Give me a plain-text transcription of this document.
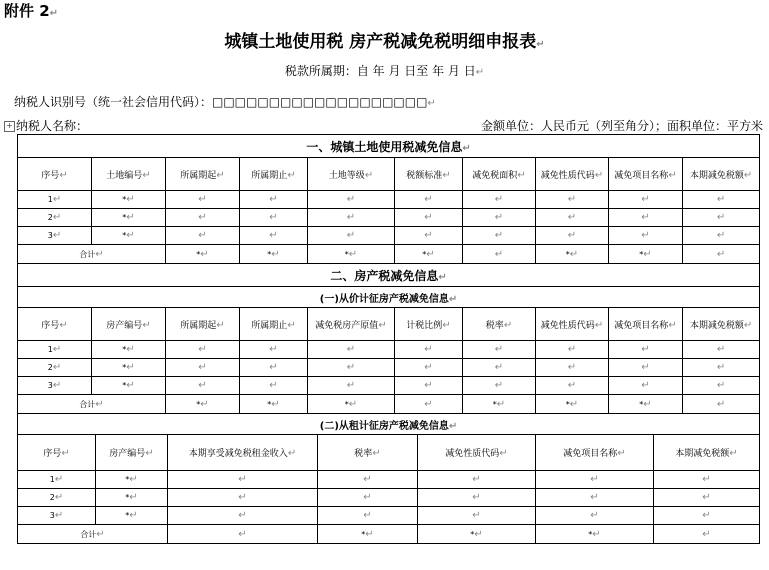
附件 2↵
城镇土地使用税 房产税减免税明细申报表↵
税款所属期：自 年 月 日至 年 月 日↵
纳税人识别号（统一社会信用代码）：□□□□□□□□□□□□□□□□□□□↵
+ 纳税人名称：	金额单位：人民币元（列至角分）；面积单位：平方米
一、城镇土地使用税减免信息↵									
序号↵	土地编号↵	所属期起↵	所属期止↵	土地等级↵	税额标准↵	减免税面积↵	减免性质代码↵	减免项目名称↵	本期减免税额↵
1↵	*↵	↵	↵	↵	↵	↵	↵	↵	↵
2↵	*↵	↵	↵	↵	↵	↵	↵	↵	↵
3↵	*↵	↵	↵	↵	↵	↵	↵	↵	↵
合计↵		*↵	*↵	*↵	*↵	↵	*↵	*↵	↵
二、房产税减免信息↵									
(一)从价计征房产税减免信息↵									
序号↵	房产编号↵	所属期起↵	所属期止↵	减免税房产原值↵	计税比例↵	税率↵	减免性质代码↵	减免项目名称↵	本期减免税额↵
1↵	*↵	↵	↵	↵	↵	↵	↵	↵	↵
2↵	*↵	↵	↵	↵	↵	↵	↵	↵	↵
3↵	*↵	↵	↵	↵	↵	↵	↵	↵	↵
合计↵		*↵	*↵	*↵	↵	*↵	*↵	*↵	↵
(二)从租计征房产税减免信息↵									
序号↵	房产编号↵	本期享受减免税租金收入↵	税率↵	减免性质代码↵	减免项目名称↵	本期减免税额↵
1↵	*↵	↵	↵	↵	↵	↵
2↵	*↵	↵	↵	↵	↵	↵
3↵	*↵	↵	↵	↵	↵	↵
合计↵		↵	*↵	*↵	*↵	↵
